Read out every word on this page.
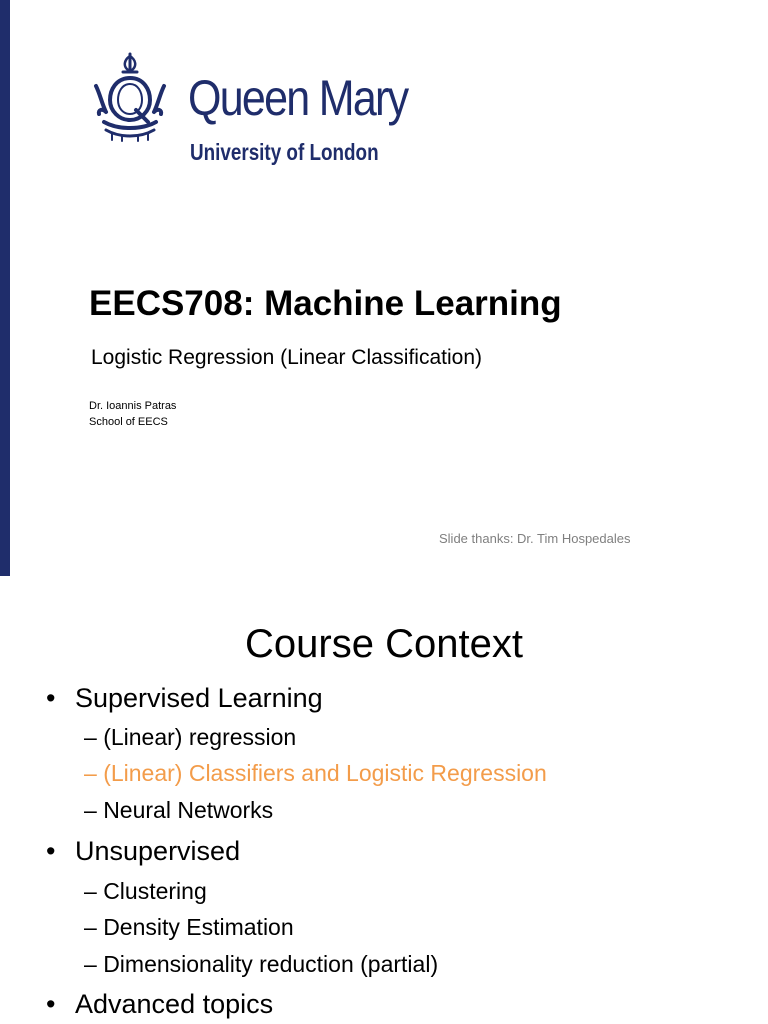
Queen Mary
University of London
EECS708: Machine Learning
Logistic Regression (Linear Classification)
Dr. Ioannis Patras
School of EECS
Slide thanks: Dr. Tim Hospedales
Course Context
• Supervised Learning
– (Linear) regression
– (Linear) Classifiers and Logistic Regression
– Neural Networks
• Unsupervised
– Clustering
– Density Estimation
– Dimensionality reduction (partial)
• Advanced topics
